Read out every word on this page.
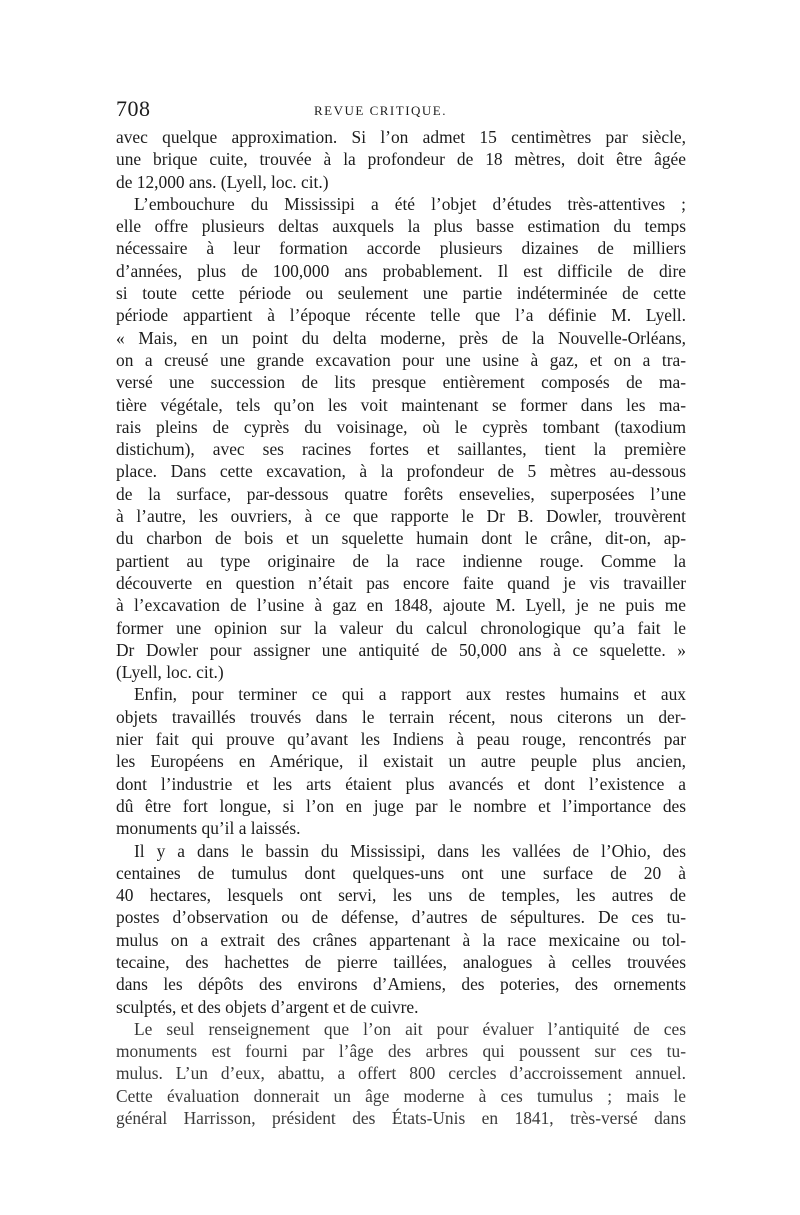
708	REVUE CRITIQUE.
avec quelque approximation. Si l’on admet 15 centimètres par siècle,
une brique cuite, trouvée à la profondeur de 18 mètres, doit être âgée
de 12,000 ans. (Lyell, loc. cit.)
L’embouchure du Mississipi a été l’objet d’études très-attentives ;
elle offre plusieurs deltas auxquels la plus basse estimation du temps
nécessaire à leur formation accorde plusieurs dizaines de milliers
d’années, plus de 100,000 ans probablement. Il est difficile de dire
si toute cette période ou seulement une partie indéterminée de cette
période appartient à l’époque récente telle que l’a définie M. Lyell.
« Mais, en un point du delta moderne, près de la Nouvelle-Orléans,
on a creusé une grande excavation pour une usine à gaz, et on a tra-
versé une succession de lits presque entièrement composés de ma-
tière végétale, tels qu’on les voit maintenant se former dans les ma-
rais pleins de cyprès du voisinage, où le cyprès tombant (taxodium
distichum), avec ses racines fortes et saillantes, tient la première
place. Dans cette excavation, à la profondeur de 5 mètres au-dessous
de la surface, par-dessous quatre forêts ensevelies, superposées l’une
à l’autre, les ouvriers, à ce que rapporte le Dr B. Dowler, trouvèrent
du charbon de bois et un squelette humain dont le crâne, dit-on, ap-
partient au type originaire de la race indienne rouge. Comme la
découverte en question n’était pas encore faite quand je vis travailler
à l’excavation de l’usine à gaz en 1848, ajoute M. Lyell, je ne puis me
former une opinion sur la valeur du calcul chronologique qu’a fait le
Dr Dowler pour assigner une antiquité de 50,000 ans à ce squelette. »
(Lyell, loc. cit.)
Enfin, pour terminer ce qui a rapport aux restes humains et aux
objets travaillés trouvés dans le terrain récent, nous citerons un der-
nier fait qui prouve qu’avant les Indiens à peau rouge, rencontrés par
les Européens en Amérique, il existait un autre peuple plus ancien,
dont l’industrie et les arts étaient plus avancés et dont l’existence a
dû être fort longue, si l’on en juge par le nombre et l’importance des
monuments qu’il a laissés.
Il y a dans le bassin du Mississipi, dans les vallées de l’Ohio, des
centaines de tumulus dont quelques-uns ont une surface de 20 à
40 hectares, lesquels ont servi, les uns de temples, les autres de
postes d’observation ou de défense, d’autres de sépultures. De ces tu-
mulus on a extrait des crânes appartenant à la race mexicaine ou tol-
tecaine, des hachettes de pierre taillées, analogues à celles trouvées
dans les dépôts des environs d’Amiens, des poteries, des ornements
sculptés, et des objets d’argent et de cuivre.
Le seul renseignement que l’on ait pour évaluer l’antiquité de ces
monuments est fourni par l’âge des arbres qui poussent sur ces tu-
mulus. L’un d’eux, abattu, a offert 800 cercles d’accroissement annuel.
Cette évaluation donnerait un âge moderne à ces tumulus ; mais le
général Harrisson, président des États-Unis en 1841, très-versé dans
